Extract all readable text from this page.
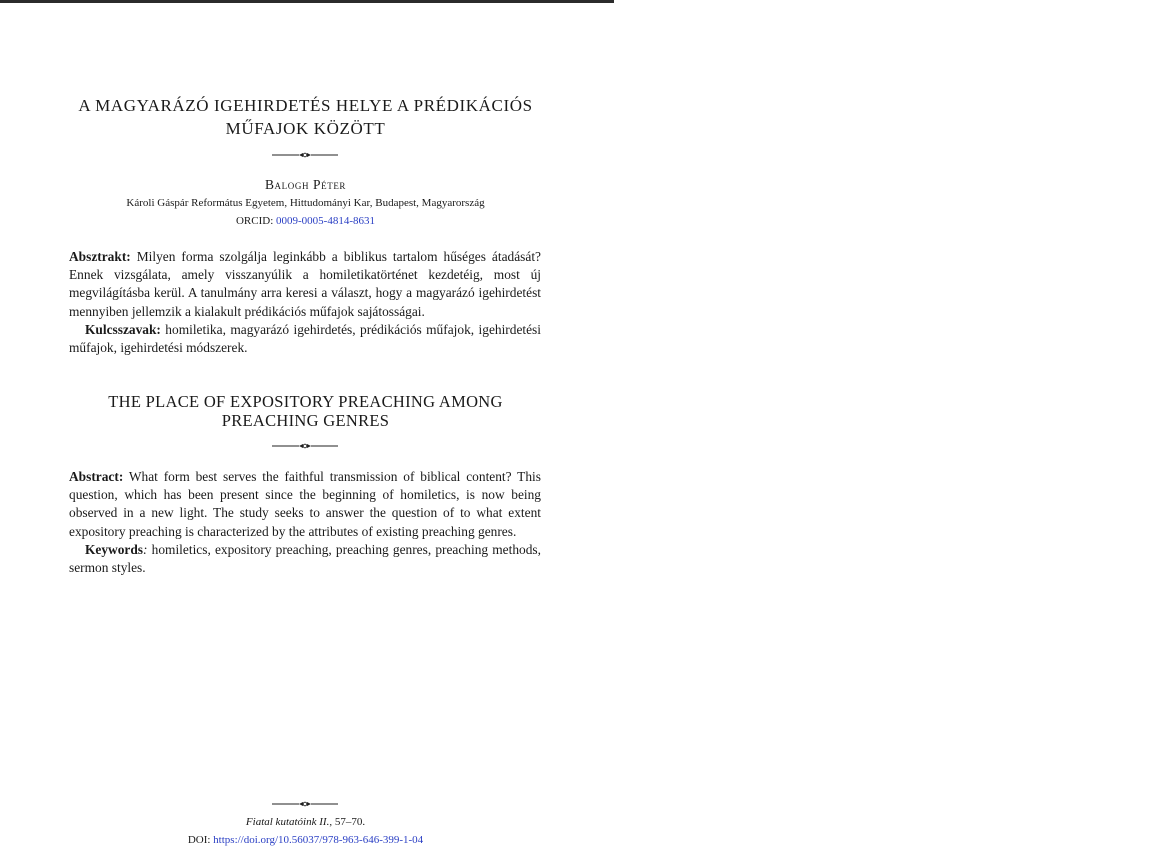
A MAGYARÁZÓ IGEHIRDETÉS HELYE A PRÉDIKÁCIÓS
MŰFAJOK KÖZÖTT
Balogh Péter
Károli Gáspár Református Egyetem, Hittudományi Kar, Budapest, Magyarország
ORCID: 0009-0005-4814-8631

Absztrakt: Milyen forma szolgálja leginkább a biblikus tartalom hűséges átadását? Ennek vizsgálata, amely visszanyúlik a homiletikatörténet kezdetéig, most új megvilágításba kerül. A tanulmány arra keresi a választ, hogy a magyarázó igehirdetést mennyiben jellemzik a kialakult prédikációs műfajok sajátosságai.

Kulcsszavak: homiletika, magyarázó igehirdetés, prédikációs műfajok, igehirdetési műfajok, igehirdetési módszerek.

THE PLACE OF EXPOSITORY PREACHING AMONG
PREACHING GENRES

Abstract: What form best serves the faithful transmission of biblical content? This question, which has been present since the beginning of homiletics, is now being observed in a new light. The study seeks to answer the question of to what extent expository preaching is characterized by the attributes of existing preaching genres.

Keywords: homiletics, expository preaching, preaching genres, preaching methods, sermon styles.

Fiatal kutatóink II., 57–70.
DOI: https://doi.org/10.56037/978-963-646-399-1-04
